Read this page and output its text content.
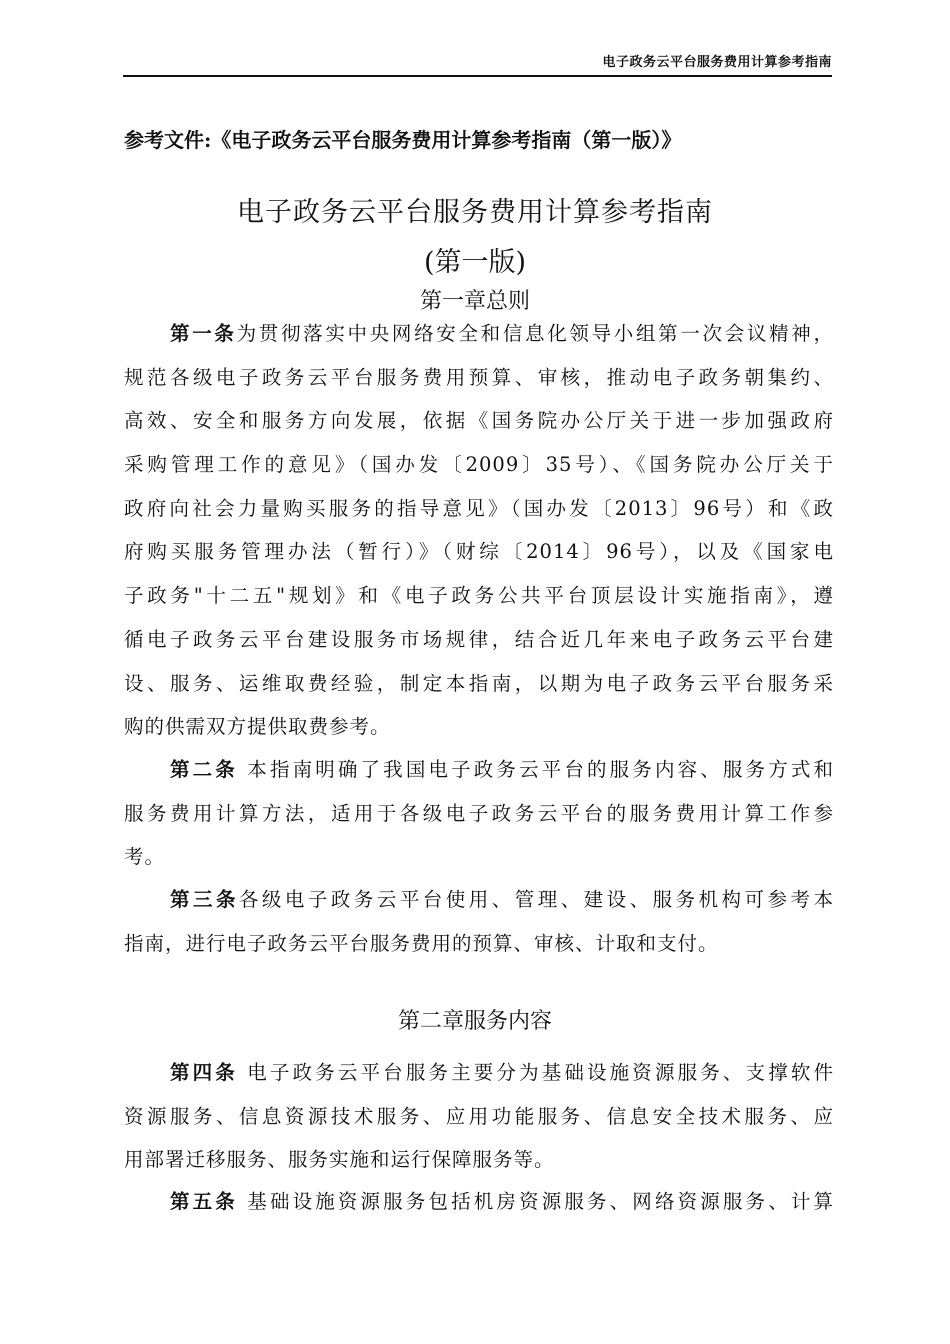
电子政务云平台服务费用计算参考指南
参考文件:《电子政务云平台服务费用计算参考指南（第一版）》
电子政务云平台服务费用计算参考指南
(第一版)
第一章总则
第一条为贯彻落实中央网络安全和信息化领导小组第一次会议精神，
规范各级电子政务云平台服务费用预算、审核，推动电子政务朝集约、
高效、安全和服务方向发展，依据《国务院办公厅关于进一步加强政府
采购管理工作的意见》（国办发〔2009〕35号）、《国务院办公厅关于
政府向社会力量购买服务的指导意见》（国办发〔2013〕96号）和《政
府购买服务管理办法（暂行）》（财综〔2014〕96号），以及《国家电
子政务"十二五"规划》和《电子政务公共平台顶层设计实施指南》，遵
循电子政务云平台建设服务市场规律，结合近几年来电子政务云平台建
设、服务、运维取费经验，制定本指南，以期为电子政务云平台服务采
购的供需双方提供取费参考。
第二条 本指南明确了我国电子政务云平台的服务内容、服务方式和
服务费用计算方法，适用于各级电子政务云平台的服务费用计算工作参
考。
第三条各级电子政务云平台使用、管理、建设、服务机构可参考本
指南，进行电子政务云平台服务费用的预算、审核、计取和支付。
第二章服务内容
第四条 电子政务云平台服务主要分为基础设施资源服务、支撑软件
资源服务、信息资源技术服务、应用功能服务、信息安全技术服务、应
用部署迁移服务、服务实施和运行保障服务等。
第五条 基础设施资源服务包括机房资源服务、网络资源服务、计算
